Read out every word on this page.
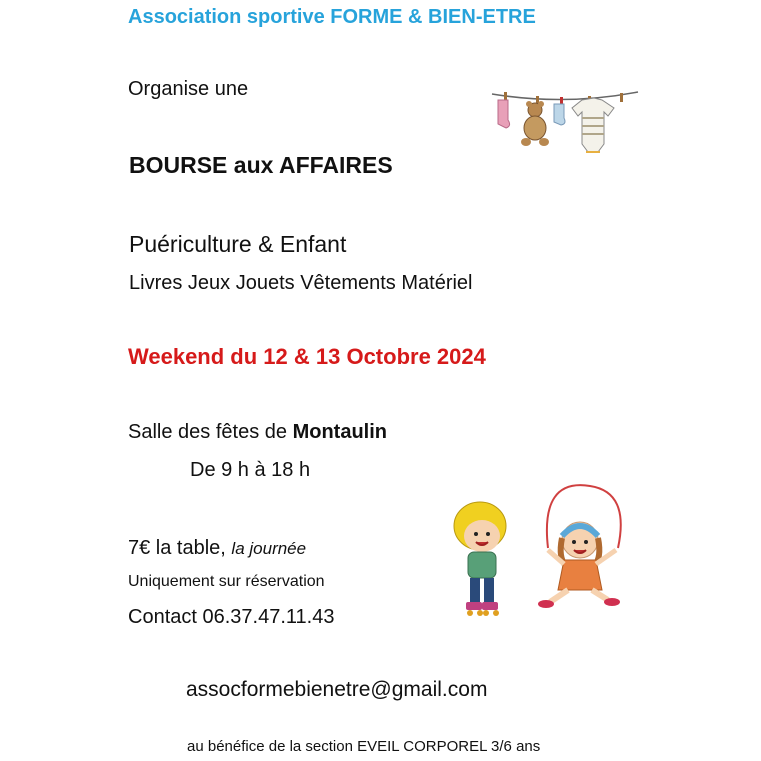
Association sportive FORME & BIEN-ETRE
Organise une
BOURSE aux AFFAIRES
Puériculture & Enfant
Livres Jeux Jouets Vêtements Matériel
Weekend du 12 & 13 Octobre 2024
Salle des fêtes de Montaulin
De 9 h à 18 h
7€ la table, la journée
Uniquement sur réservation
Contact 06.37.47.11.43
assocformebienetre@gmail.com
au bénéfice de la section EVEIL CORPOREL 3/6 ans
